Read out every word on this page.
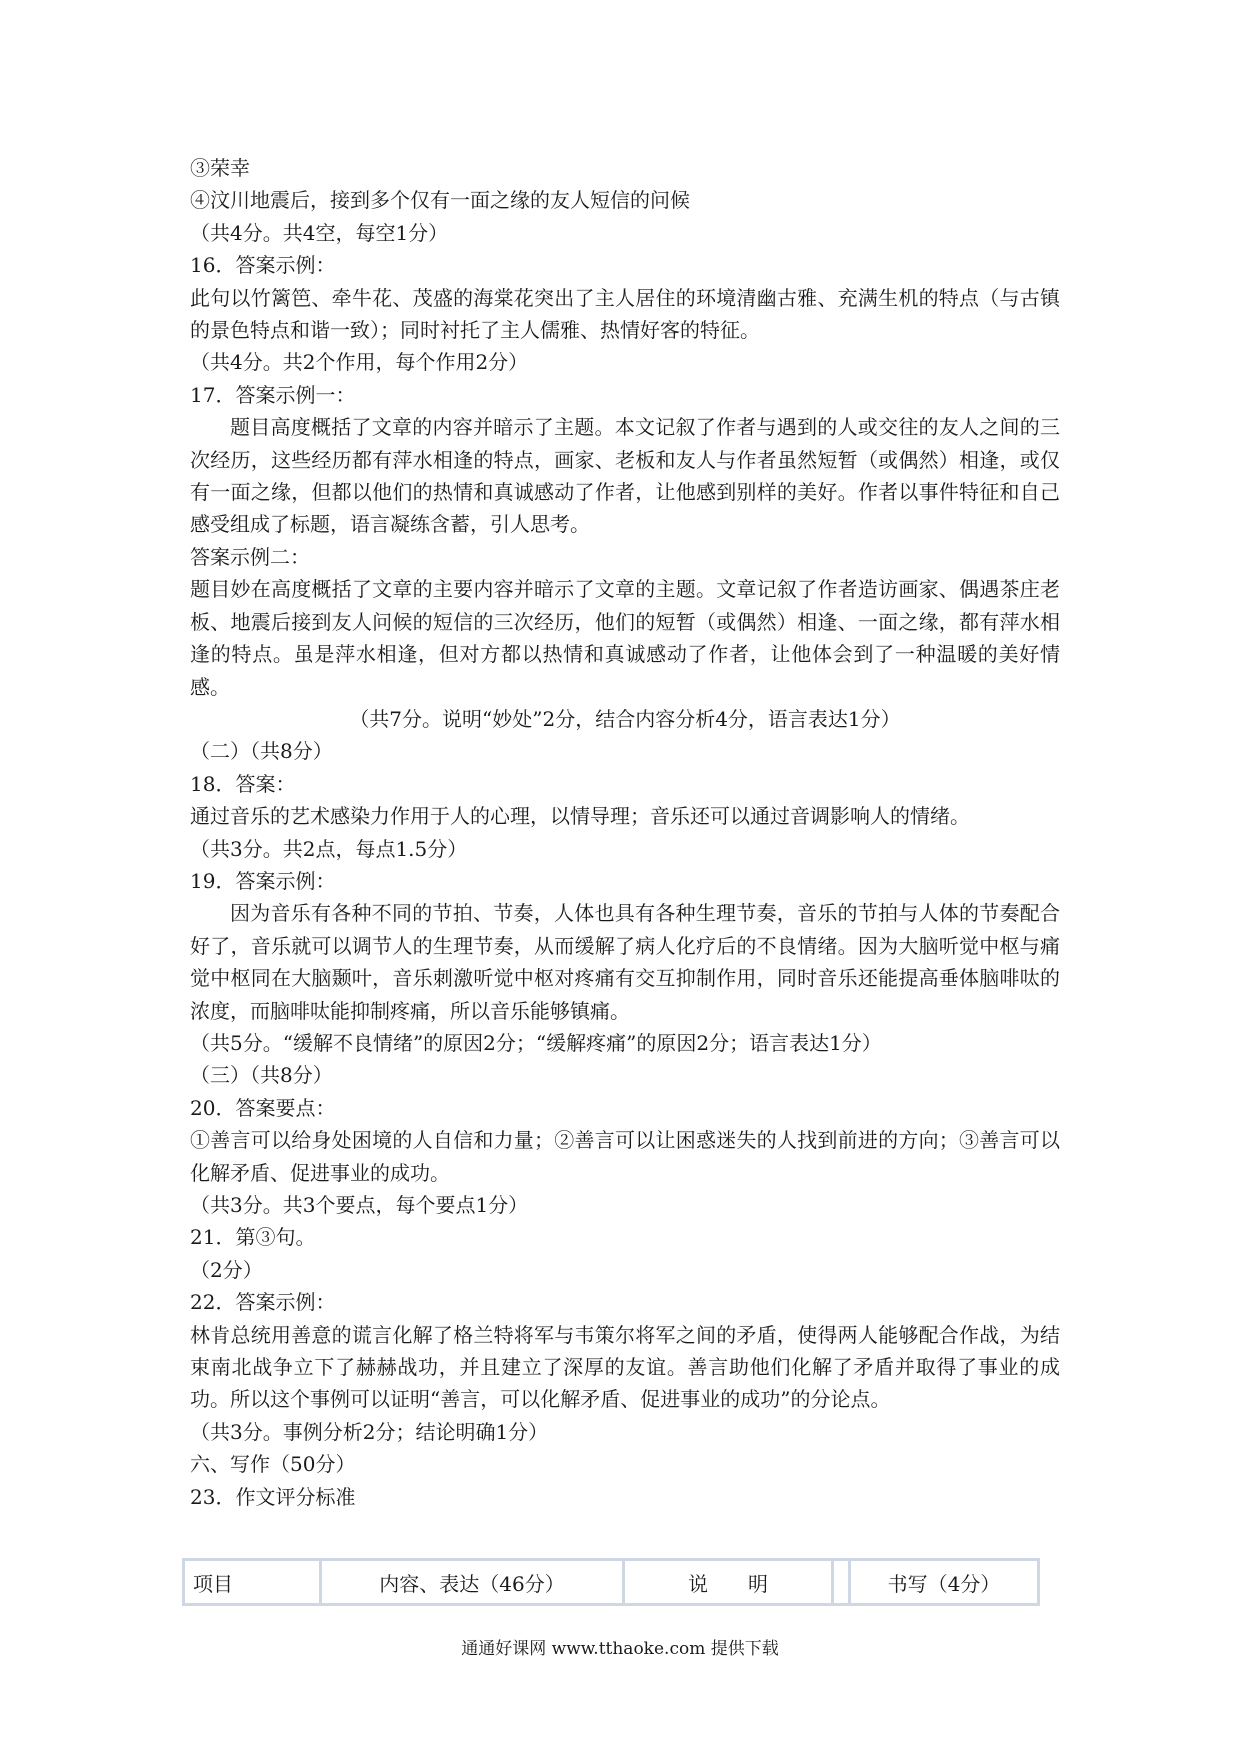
③荣幸
④汶川地震后，接到多个仅有一面之缘的友人短信的问候
（共4分。共4空，每空1分）
16．答案示例：
此句以竹篱笆、牵牛花、茂盛的海棠花突出了主人居住的环境清幽古雅、充满生机的特点（与古镇的景色特点和谐一致）；同时衬托了主人儒雅、热情好客的特征。
（共4分。共2个作用，每个作用2分）
17．答案示例一：
题目高度概括了文章的内容并暗示了主题。本文记叙了作者与遇到的人或交往的友人之间的三次经历，这些经历都有萍水相逢的特点，画家、老板和友人与作者虽然短暂（或偶然）相逢，或仅有一面之缘，但都以他们的热情和真诚感动了作者，让他感到别样的美好。作者以事件特征和自己感受组成了标题，语言凝练含蓄，引人思考。
答案示例二：
题目妙在高度概括了文章的主要内容并暗示了文章的主题。文章记叙了作者造访画家、偶遇茶庄老板、地震后接到友人问候的短信的三次经历，他们的短暂（或偶然）相逢、一面之缘，都有萍水相逢的特点。虽是萍水相逢，但对方都以热情和真诚感动了作者，让他体会到了一种温暖的美好情感。
（共7分。说明“妙处”2分，结合内容分析4分，语言表达1分）
（二）（共8分）
18．答案：
通过音乐的艺术感染力作用于人的心理，以情导理；音乐还可以通过音调影响人的情绪。
（共3分。共2点，每点1.5分）
19．答案示例：
因为音乐有各种不同的节拍、节奏，人体也具有各种生理节奏，音乐的节拍与人体的节奏配合好了，音乐就可以调节人的生理节奏，从而缓解了病人化疗后的不良情绪。因为大脑听觉中枢与痛觉中枢同在大脑颞叶，音乐刺激听觉中枢对疼痛有交互抑制作用，同时音乐还能提高垂体脑啡呔的浓度，而脑啡呔能抑制疼痛，所以音乐能够镇痛。
（共5分。“缓解不良情绪”的原因2分；“缓解疼痛”的原因2分；语言表达1分）
（三）（共8分）
20．答案要点：
①善言可以给身处困境的人自信和力量；②善言可以让困惑迷失的人找到前进的方向；③善言可以化解矛盾、促进事业的成功。
（共3分。共3个要点，每个要点1分）
21．第③句。
（2分）
22．答案示例：
林肯总统用善意的谎言化解了格兰特将军与韦策尔将军之间的矛盾，使得两人能够配合作战，为结束南北战争立下了赫赫战功，并且建立了深厚的友谊。善言助他们化解了矛盾并取得了事业的成功。所以这个事例可以证明“善言，可以化解矛盾、促进事业的成功”的分论点。
（共3分。事例分析2分；结论明确1分）
六、写作（50分）
23．作文评分标准
项目	内容、表达（46分）	说　　明		书写（4分）
通通好课网 www.tthaoke.com 提供下载
